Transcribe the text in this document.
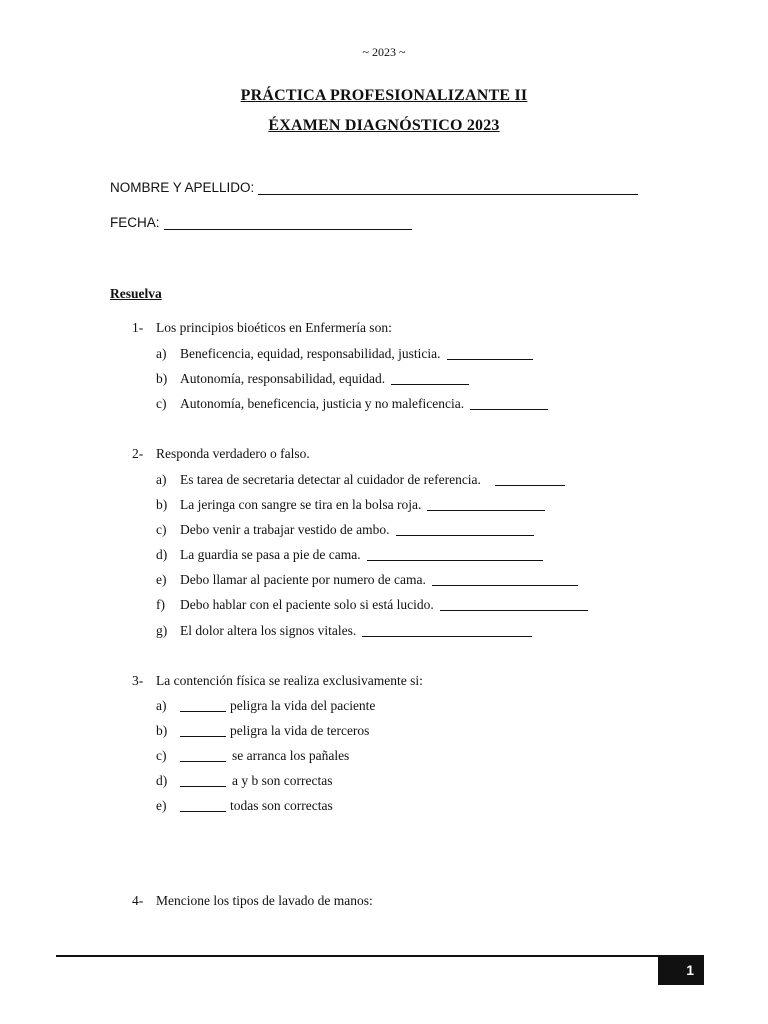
~ 2023 ~
PRÁCTICA PROFESIONALIZANTE II
ÉXAMEN DIAGNÓSTICO 2023
NOMBRE Y APELLIDO:
FECHA:
Resuelva
1- Los principios bioéticos en Enfermería son:
a)	Beneficencia, equidad, responsabilidad, justicia.
b) Autonomía, responsabilidad, equidad.
c)	Autonomía, beneficencia, justicia y no maleficencia.
2- Responda verdadero o falso.
a)	Es tarea de secretaria detectar al cuidador de referencia.
b) La jeringa con sangre se tira en la bolsa roja.
c)	Debo venir a trabajar vestido de ambo.
d) La guardia se pasa a pie de cama.
e)	Debo llamar al paciente por numero de cama.
f)	Debo hablar con el paciente solo si está lucido.
g) El dolor altera los signos vitales.
3- La contención física se realiza exclusivamente si:
a)	peligra la vida del paciente
b)	peligra la vida de terceros
c)	se arranca los pañales
d)	a y b son correctas
e)	todas son correctas
4- Mencione los tipos de lavado de manos:
1
